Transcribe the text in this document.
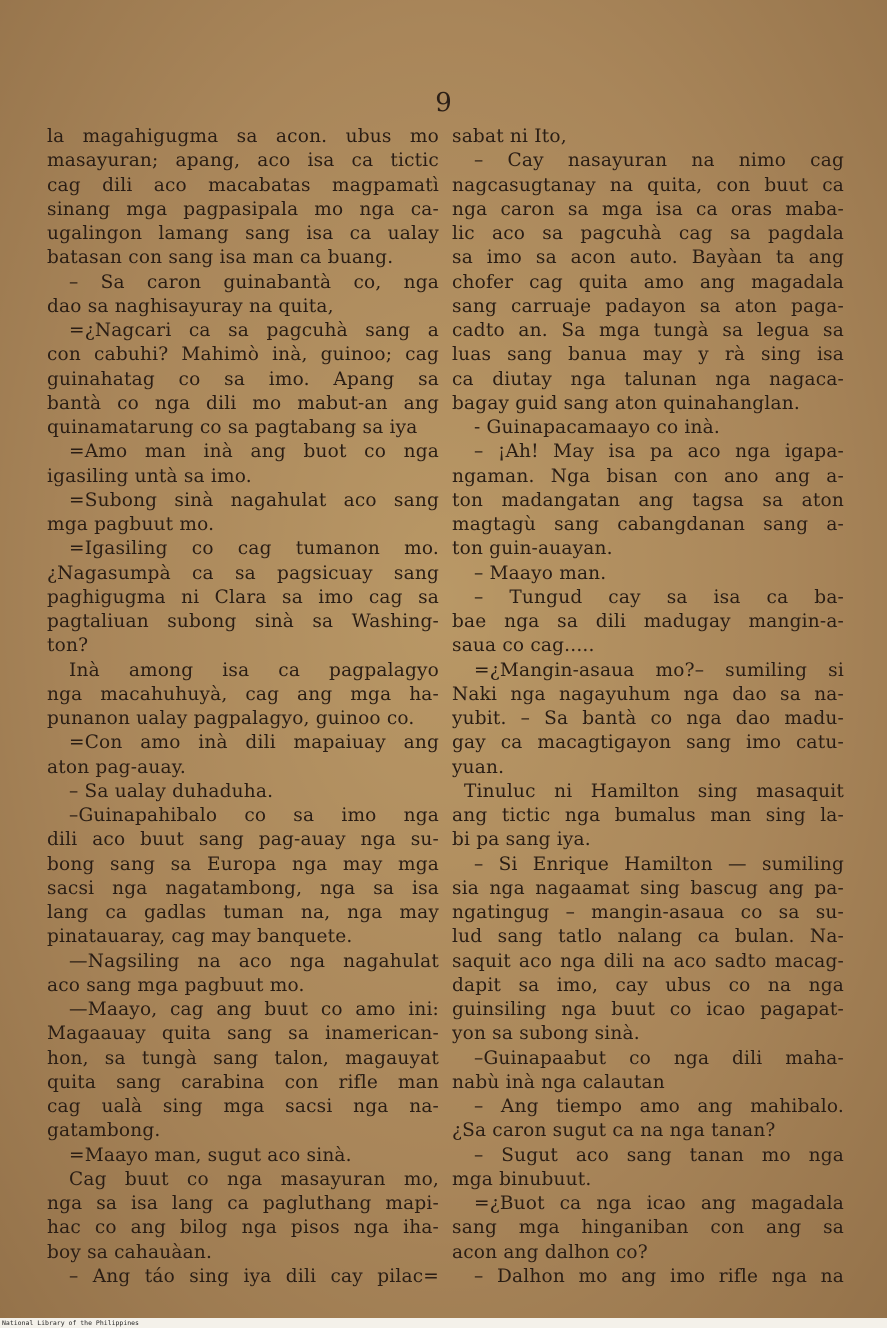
9
la magahigugma sa acon. ubus mo
masayuran; apang, aco isa ca tictic
cag dili aco macabatas magpamatì
sinang mga pagpasipala mo nga ca-
ugalingon lamang sang isa ca ualay
batasan con sang isa man ca buang.
– Sa caron guinabantà co, nga
dao sa naghisayuray na quita,
=¿Nagcari ca sa pagcuhà sang a
con cabuhi? Mahimò inà, guinoo; cag
guinahatag co sa imo. Apang sa
bantà co nga dili mo mabut-an ang
quinamatarung co sa pagtabang sa iya
=Amo man inà ang buot co nga
igasiling untà sa imo.
=Subong sinà nagahulat aco sang
mga pagbuut mo.
=Igasiling co cag tumanon mo.
¿Nagasumpà ca sa pagsicuay sang
paghigugma ni Clara sa imo cag sa
pagtaliuan subong sinà sa Washing-
ton?
Inà among isa ca pagpalagyo
nga macahuhuyà, cag ang mga ha-
punanon ualay pagpalagyo, guinoo co.
=Con amo inà dili mapaiuay ang
aton pag-auay.
– Sa ualay duhaduha.
–Guinapahibalo co sa imo nga
dili aco buut sang pag-auay nga su-
bong sang sa Europa nga may mga
sacsi nga nagatambong, nga sa isa
lang ca gadlas tuman na, nga may
pinatauaray, cag may banquete.
—Nagsiling na aco nga nagahulat
aco sang mga pagbuut mo.
—Maayo, cag ang buut co amo ini:
Magaauay quita sang sa inamerican-
hon, sa tungà sang talon, magauyat
quita sang carabina con rifle man
cag ualà sing mga sacsi nga na-
gatambong.
=Maayo man, sugut aco sinà.
Cag buut co nga masayuran mo,
nga sa isa lang ca pagluthang mapi-
hac co ang bilog nga pisos nga iha-
boy sa cahauàan.
– Ang táo sing iya dili cay pilac=
sabat ni Ito,
– Cay nasayuran na nimo cag
nagcasugtanay na quita, con buut ca
nga caron sa mga isa ca oras maba-
lic aco sa pagcuhà cag sa pagdala
sa imo sa acon auto. Bayàan ta ang
chofer cag quita amo ang magadala
sang carruaje padayon sa aton paga-
cadto an. Sa mga tungà sa legua sa
luas sang banua may y rà sing isa
ca diutay nga talunan nga nagaca-
bagay guid sang aton quinahanglan.
- Guinapacamaayo co inà.
– ¡Ah! May isa pa aco nga igapa-
ngaman. Nga bisan con ano ang a-
ton madangatan ang tagsa sa aton
magtagù sang cabangdanan sang a-
ton guin-auayan.
– Maayo man.
– Tungud cay sa isa ca ba-
bae nga sa dili madugay mangin-a-
saua co cag.....
=¿Mangin-asaua mo?– sumiling si
Naki nga nagayuhum nga dao sa na-
yubit. – Sa bantà co nga dao madu-
gay ca macagtigayon sang imo catu-
yuan.
Tinuluc ni Hamilton sing masaquit
ang tictic nga bumalus man sing la-
bi pa sang iya.
– Si Enrique Hamilton — sumiling
sia nga nagaamat sing bascug ang pa-
ngatingug – mangin-asaua co sa su-
lud sang tatlo nalang ca bulan. Na-
saquit aco nga dili na aco sadto macag-
dapit sa imo, cay ubus co na nga
guinsiling nga buut co icao pagapat-
yon sa subong sinà.
–Guinapaabut co nga dili maha-
nabù inà nga calautan
– Ang tiempo amo ang mahibalo.
¿Sa caron sugut ca na nga tanan?
– Sugut aco sang tanan mo nga
mga binubuut.
=¿Buot ca nga icao ang magadala
sang mga hinganiban con ang sa
acon ang dalhon co?
– Dalhon mo ang imo rifle nga na
National Library of the Philippines
